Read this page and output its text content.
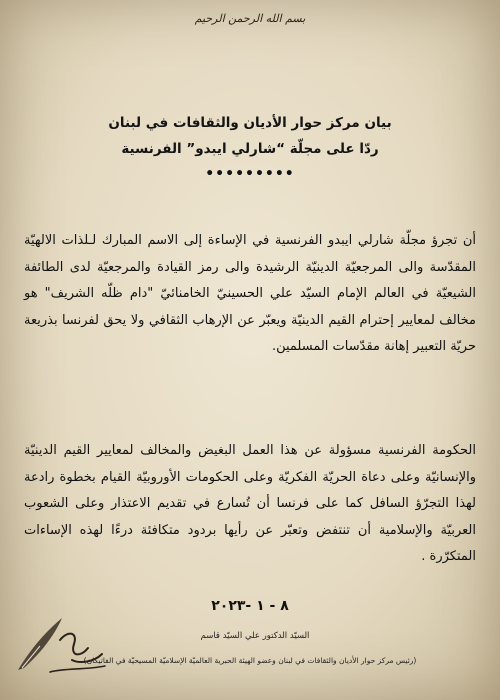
بسم الله الرحمن الرحيم
بيان مركز حوار الأديان والثقافات في لبنان
ردّا على مجلّة “شارلي ايبدو” الفرنسية
•••••••••
أن تجرؤ مجلّة شارلي ايبدو الفرنسية في الإساءة إلى الاسم المبارك لـلذات الالهيّة المقدّسة والى المرجعيّة الدينيّة الرشيدة والى رمز القيادة والمرجعيّة لدى الطائفة الشيعيّة في العالم الإمام السيّد علي الحسينيّ الخامنائيّ "دام ظلّه الشريف" هو مخالف لمعايير إحترام القيم الدينيّة ويعبّر عن الإرهاب الثقافي ولا يحق لفرنسا بذريعة حريّة التعبير إهانة مقدّسات المسلمين.
الحكومة الفرنسية مسؤولة عن هذا العمل البغيض والمخالف لمعايير القيم الدينيّة والإنسانيّة وعلى دعاة الحريّة الفكريّة وعلى الحكومات الأوروبيّة القيام بخطوة رادعة لهذا التجرّؤ السافل كما على فرنسا أن تُسارع في تقديم الاعتذار وعلى الشعوب العربيّة والإسلامية أن تنتفض وتعبّر عن رأيها بردود متكافئة درءًا لهذه الإساءات المتكرّرة .
٨ - ١ -٢٠٢٣
السيّد الدكتور علي السيّد قاسم
(رئيس مركز حوار الأديان والثقافات في لبنان وعضو الهيئة الحبرية العالميّة الإسلاميّة المسيحيّة في الفاتيكان)
